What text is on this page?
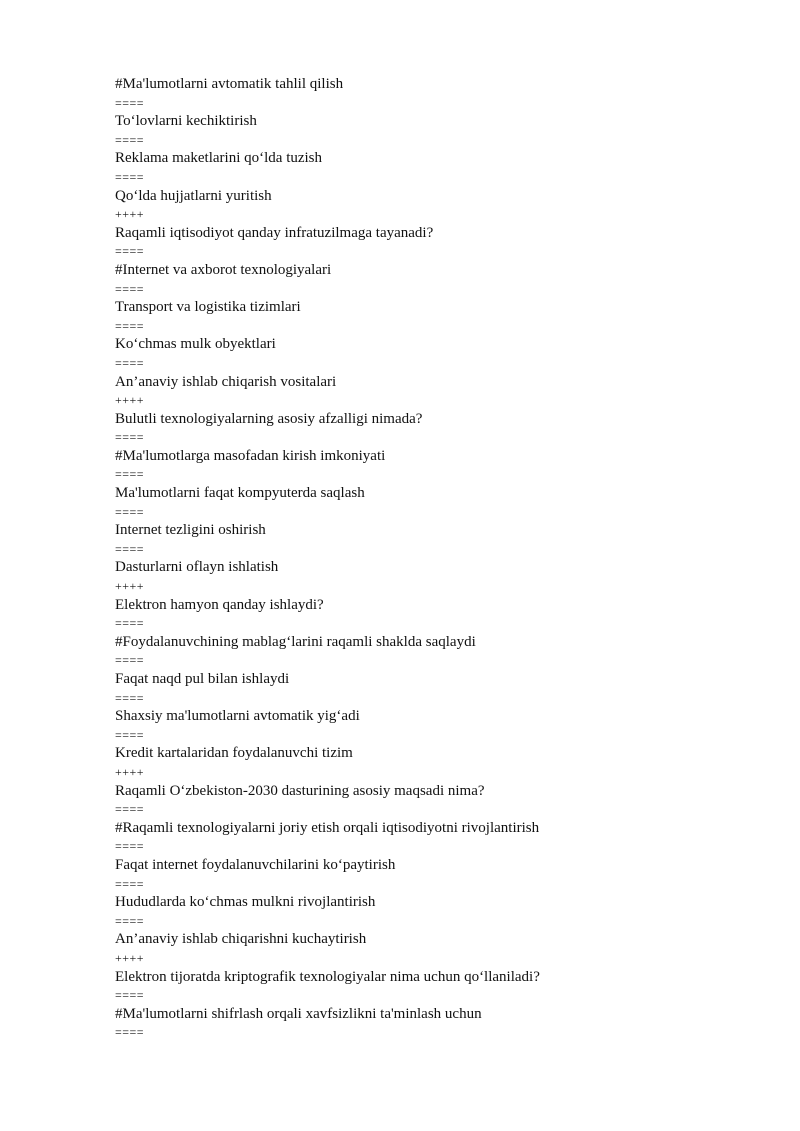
#Ma'lumotlarni avtomatik tahlil qilish
====
To‘lovlarni kechiktirish
====
Reklama maketlarini qo‘lda tuzish
====
Qo‘lda hujjatlarni yuritish
++++
Raqamli iqtisodiyot qanday infratuzilmaga tayanadi?
====
#Internet va axborot texnologiyalari
====
Transport va logistika tizimlari
====
Ko‘chmas mulk obyektlari
====
An’anaviy ishlab chiqarish vositalari
++++
Bulutli texnologiyalarning asosiy afzalligi nimada?
====
#Ma'lumotlarga masofadan kirish imkoniyati
====
Ma'lumotlarni faqat kompyuterda saqlash
====
Internet tezligini oshirish
====
Dasturlarni oflayn ishlatish
++++
Elektron hamyon qanday ishlaydi?
====
#Foydalanuvchining mablag‘larini raqamli shaklda saqlaydi
====
Faqat naqd pul bilan ishlaydi
====
Shaxsiy ma'lumotlarni avtomatik yig‘adi
====
Kredit kartalaridan foydalanuvchi tizim
++++
Raqamli O‘zbekiston-2030 dasturining asosiy maqsadi nima?
====
#Raqamli texnologiyalarni joriy etish orqali iqtisodiyotni rivojlantirish
====
Faqat internet foydalanuvchilarini ko‘paytirish
====
Hududlarda ko‘chmas mulkni rivojlantirish
====
An’anaviy ishlab chiqarishni kuchaytirish
++++
Elektron tijoratda kriptografik texnologiyalar nima uchun qo‘llaniladi?
====
#Ma'lumotlarni shifrlash orqali xavfsizlikni ta'minlash uchun
====
